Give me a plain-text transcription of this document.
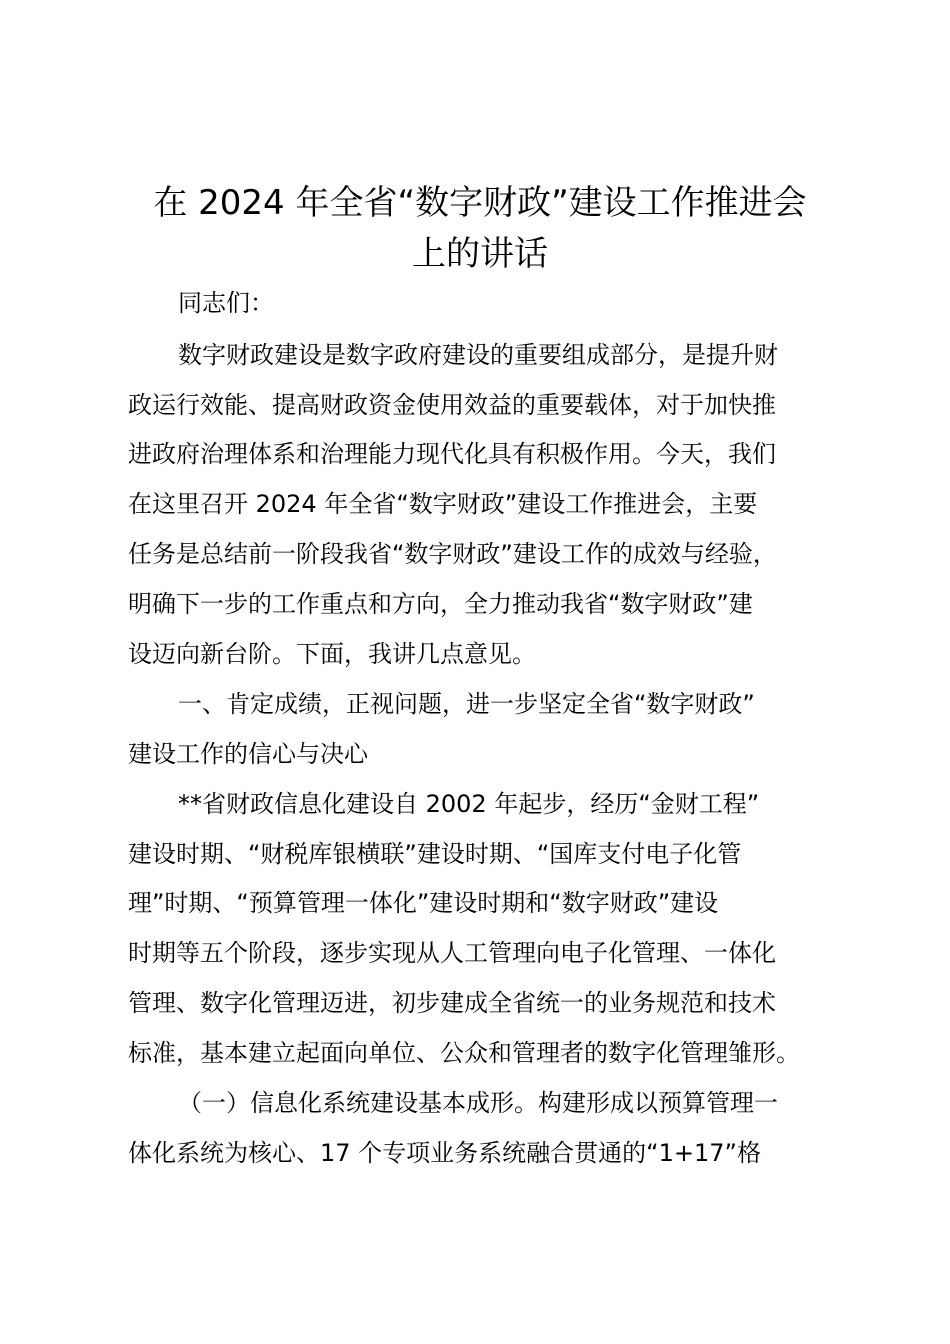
在 2024 年全省“数字财政”建设工作推进会
上的讲话

同志们：

数字财政建设是数字政府建设的重要组成部分，是提升财

政运行效能、提高财政资金使用效益的重要载体，对于加快推

进政府治理体系和治理能力现代化具有积极作用。今天，我们

在这里召开 2024 年全省“数字财政”建设工作推进会，主要

任务是总结前一阶段我省“数字财政”建设工作的成效与经验，

明确下一步的工作重点和方向，全力推动我省“数字财政”建

设迈向新台阶。下面，我讲几点意见。

一、肯定成绩，正视问题，进一步坚定全省“数字财政”

建设工作的信心与决心

**省财政信息化建设自 2002 年起步，经历“金财工程”

建设时期、“财税库银横联”建设时期、“国库支付电子化管

理”时期、“预算管理一体化”建设时期和“数字财政”建设

时期等五个阶段，逐步实现从人工管理向电子化管理、一体化

管理、数字化管理迈进，初步建成全省统一的业务规范和技术

标准，基本建立起面向单位、公众和管理者的数字化管理雏形。

（一）信息化系统建设基本成形。构建形成以预算管理一

体化系统为核心、17 个专项业务系统融合贯通的“1+17”格
